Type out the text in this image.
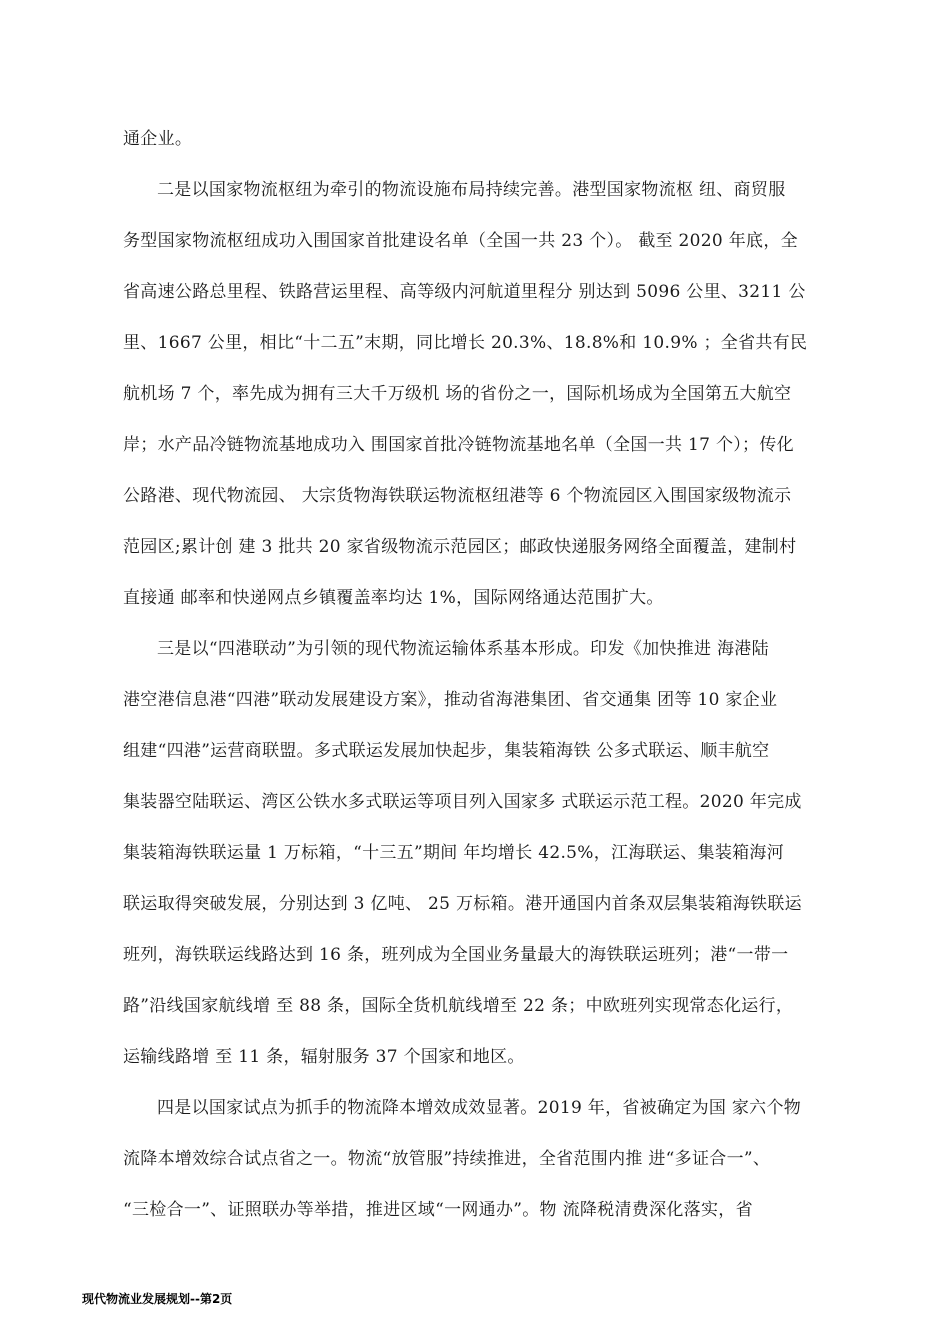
通企业。
二是以国家物流枢纽为牵引的物流设施布局持续完善。港型国家物流枢 纽、商贸服
务型国家物流枢纽成功入围国家首批建设名单（全国一共 23 个）。 截至 2020 年底，全
省高速公路总里程、铁路营运里程、高等级内河航道里程分 别达到 5096 公里、3211 公
里、1667 公里，相比“十二五”末期，同比增长 20.3%、18.8%和 10.9% ；全省共有民
航机场 7 个，率先成为拥有三大千万级机 场的省份之一，国际机场成为全国第五大航空
岸；水产品冷链物流基地成功入 围国家首批冷链物流基地名单（全国一共 17 个）；传化
公路港、现代物流园、 大宗货物海铁联运物流枢纽港等 6 个物流园区入围国家级物流示
范园区;累计创 建 3 批共 20 家省级物流示范园区；邮政快递服务网络全面覆盖，建制村
直接通 邮率和快递网点乡镇覆盖率均达 1%，国际网络通达范围扩大。
三是以“四港联动”为引领的现代物流运输体系基本形成。印发《加快推进 海港陆
港空港信息港“四港”联动发展建设方案》，推动省海港集团、省交通集 团等 10 家企业
组建“四港”运营商联盟。多式联运发展加快起步，集装箱海铁 公多式联运、顺丰航空
集装器空陆联运、湾区公铁水多式联运等项目列入国家多 式联运示范工程。2020 年完成
集装箱海铁联运量 1 万标箱，“十三五”期间 年均增长 42.5%，江海联运、集装箱海河
联运取得突破发展，分别达到 3 亿吨、 25 万标箱。港开通国内首条双层集装箱海铁联运
班列，海铁联运线路达到 16 条，班列成为全国业务量最大的海铁联运班列；港“一带一
路”沿线国家航线增 至 88 条，国际全货机航线增至 22 条；中欧班列实现常态化运行，
运输线路增 至 11 条，辐射服务 37 个国家和地区。
四是以国家试点为抓手的物流降本增效成效显著。2019 年，省被确定为国 家六个物
流降本增效综合试点省之一。物流“放管服”持续推进，全省范围内推 进“多证合一”、
“三检合一”、证照联办等举措，推进区域“一网通办”。物 流降税清费深化落实，省
现代物流业发展规划--第2页
